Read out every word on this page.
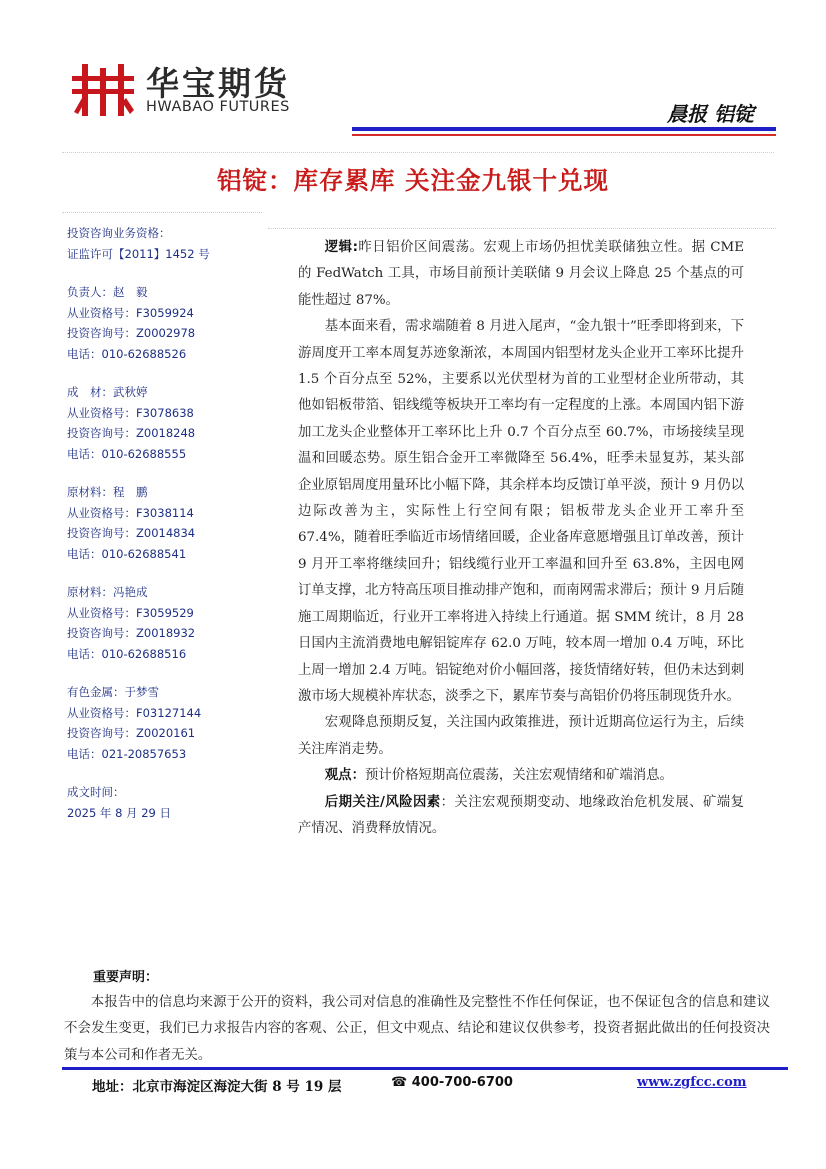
华宝期货
HWABAO FUTURES	晨报 铝锭
铝锭：库存累库 关注金九银十兑现
投资咨询业务资格：
证监许可【2011】1452 号
负责人：赵　毅
从业资格号：F3059924
投资咨询号：Z0002978
电话：010-62688526
成　材：武秋婷
从业资格号：F3078638
投资咨询号：Z0018248
电话：010-62688555
原材料：程　鹏
从业资格号：F3038114
投资咨询号：Z0014834
电话：010-62688541
原材料：冯艳成
从业资格号：F3059529
投资咨询号：Z0018932
电话：010-62688516
有色金属：于梦雪
从业资格号：F03127144
投资咨询号：Z0020161
电话：021-20857653
成文时间：
2025 年 8 月 29 日

逻辑:昨日铝价区间震荡。宏观上市场仍担忧美联储独立性。据 CME 的 FedWatch 工具，市场目前预计美联储 9 月会议上降息 25 个基点的可能性超过 87%。

基本面来看，需求端随着 8 月进入尾声，“金九银十”旺季即将到来，下游周度开工率本周复苏迹象渐浓，本周国内铝型材龙头企业开工率环比提升 1.5 个百分点至 52%，主要系以光伏型材为首的工业型材企业所带动，其他如铝板带箔、铝线缆等板块开工率均有一定程度的上涨。本周国内铝下游加工龙头企业整体开工率环比上升 0.7 个百分点至 60.7%，市场接续呈现温和回暖态势。原生铝合金开工率微降至 56.4%，旺季未显复苏，某头部企业原铝周度用量环比小幅下降，其余样本均反馈订单平淡，预计 9 月仍以边际改善为主，实际性上行空间有限；铝板带龙头企业开工率升至 67.4%，随着旺季临近市场情绪回暖，企业备库意愿增强且订单改善，预计 9 月开工率将继续回升；铝线缆行业开工率温和回升至 63.8%，主因电网订单支撑，北方特高压项目推动排产饱和，而南网需求滞后；预计 9 月后随施工周期临近，行业开工率将进入持续上行通道。据 SMM 统计，8 月 28 日国内主流消费地电解铝锭库存 62.0 万吨，较本周一增加 0.4 万吨，环比上周一增加 2.4 万吨。铝锭绝对价小幅回落，接货情绪好转，但仍未达到刺激市场大规模补库状态，淡季之下，累库节奏与高铝价仍将压制现货升水。

宏观降息预期反复，关注国内政策推进，预计近期高位运行为主，后续关注库消走势。

观点：预计价格短期高位震荡，关注宏观情绪和矿端消息。

后期关注/风险因素：关注宏观预期变动、地缘政治危机发展、矿端复产情况、消费释放情况。

重要声明：
本报告中的信息均来源于公开的资料，我公司对信息的准确性及完整性不作任何保证，也不保证包含的信息和建议不会发生变更，我们已力求报告内容的客观、公正，但文中观点、结论和建议仅供参考，投资者据此做出的任何投资决策与本公司和作者无关。
地址：北京市海淀区海淀大街 8 号 19 层	☎ 400-700-6700	www.zgfcc.com
